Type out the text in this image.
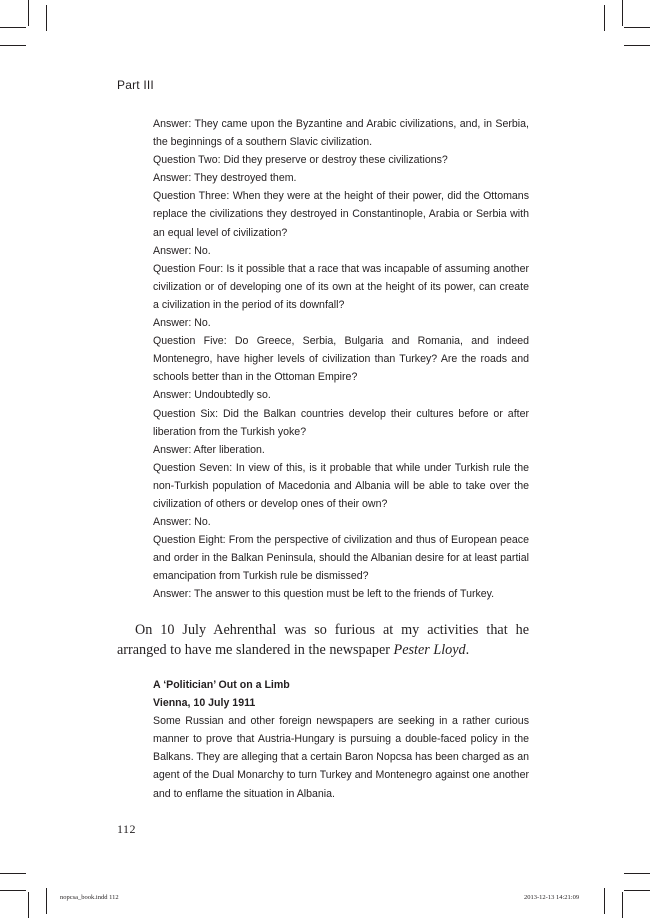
Part III

Answer: They came upon the Byzantine and Arabic civilizations, and, in Serbia, the beginnings of a southern Slavic civilization.

Question Two: Did they preserve or destroy these civilizations?

Answer: They destroyed them.

Question Three: When they were at the height of their power, did the Ottomans replace the civilizations they destroyed in Constantinople, Arabia or Serbia with an equal level of civilization?

Answer: No.

Question Four: Is it possible that a race that was incapable of assuming another civilization or of developing one of its own at the height of its power, can create a civilization in the period of its downfall?

Answer: No.

Question Five: Do Greece, Serbia, Bulgaria and Romania, and indeed Montenegro, have higher levels of civilization than Turkey? Are the roads and schools better than in the Ottoman Empire?

Answer: Undoubtedly so.

Question Six: Did the Balkan countries develop their cultures before or after liberation from the Turkish yoke?

Answer: After liberation.

Question Seven: In view of this, is it probable that while under Turkish rule the non-Turkish population of Macedonia and Albania will be able to take over the civilization of others or develop ones of their own?

Answer: No.

Question Eight: From the perspective of civilization and thus of European peace and order in the Balkan Peninsula, should the Albanian desire for at least partial emancipation from Turkish rule be dismissed?

Answer: The answer to this question must be left to the friends of Turkey.

On 10 July Aehrenthal was so furious at my activities that he arranged to have me slandered in the newspaper Pester Lloyd.

A ‘Politician’ Out on a Limb

Vienna, 10 July 1911

Some Russian and other foreign newspapers are seeking in a rather curious manner to prove that Austria-Hungary is pursuing a double-faced policy in the Balkans. They are alleging that a certain Baron Nopcsa has been charged as an agent of the Dual Monarchy to turn Turkey and Montenegro against one another and to enflame the situation in Albania.

112
nopcsa_book.indd 112	2013-12-13 14:21:09
